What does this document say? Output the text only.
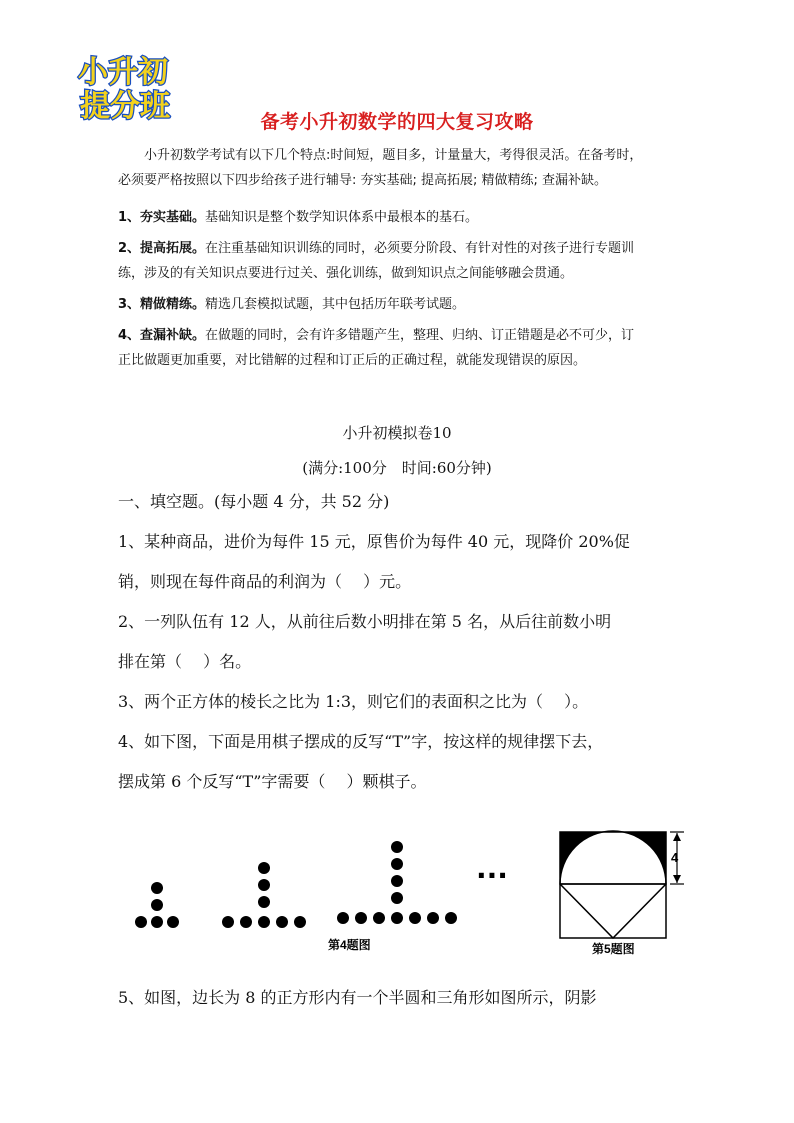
小升初
提分班	备考小升初数学的四大复习攻略

小升初数学考试有以下几个特点:时间短，题目多，计量量大，考得很灵活。在备考时，

必须要严格按照以下四步给孩子进行辅导: 夯实基础; 提高拓展; 精做精练; 查漏补缺。

1、夯实基础。基础知识是整个数学知识体系中最根本的基石。

2、提高拓展。在注重基础知识训练的同时，必须要分阶段、有针对性的对孩子进行专题训

练，涉及的有关知识点要进行过关、强化训练，做到知识点之间能够融会贯通。

3、精做精练。精选几套模拟试题，其中包括历年联考试题。

4、查漏补缺。在做题的同时，会有许多错题产生，整理、归纳、订正错题是必不可少，订

正比做题更加重要，对比错解的过程和订正后的正确过程，就能发现错误的原因。

小升初模拟卷10
(满分:100分　时间:60分钟)

一、填空题。(每小题 4 分，共 52 分)

1、某种商品，进价为每件 15 元，原售价为每件 40 元，现降价 20%促

销，则现在每件商品的利润为（　 ）元。

2、一列队伍有 12 人，从前往后数小明排在第 5 名，从后往前数小明

排在第（　 ）名。

3、两个正方体的棱长之比为 1:3，则它们的表面积之比为（　 ）。

4、如下图，下面是用棋子摆成的反写“T”字，按这样的规律摆下去，

摆成第 6 个反写“T”字需要（　 ）颗棋子。

···
第4题图
4
第5题图

5、如图，边长为 8 的正方形内有一个半圆和三角形如图所示，阴影
